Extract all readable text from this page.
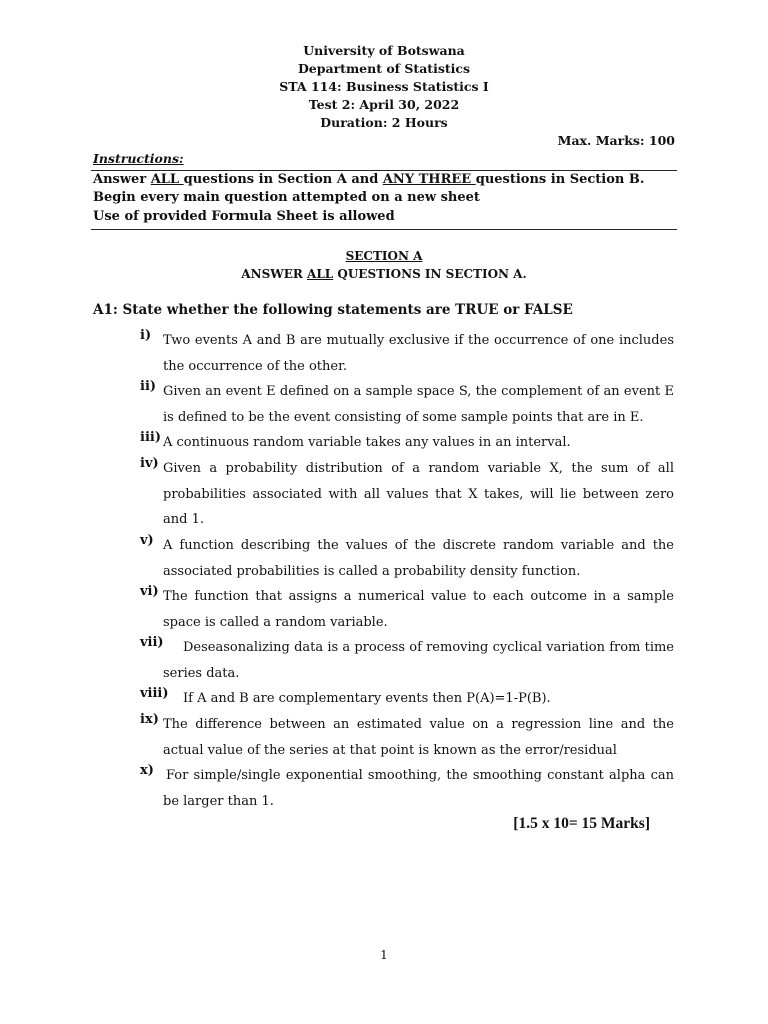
University of Botswana
Department of Statistics
STA 114: Business Statistics I
Test 2: April 30, 2022
Duration: 2 Hours
Max. Marks: 100
Instructions:
Answer ALL questions in Section A and ANY THREE questions in Section B.
Begin every main question attempted on a new sheet
Use of provided Formula Sheet is allowed
SECTION A
ANSWER ALL QUESTIONS IN SECTION A.
A1: State whether the following statements are TRUE or FALSE
i) Two events A and B are mutually exclusive if the occurrence of one includes the occurrence of the other.
ii) Given an event E defined on a sample space S, the complement of an event E is defined to be the event consisting of some sample points that are in E.
iii) A continuous random variable takes any values in an interval.
iv) Given a probability distribution of a random variable X, the sum of all probabilities associated with all values that X takes, will lie between zero and 1.
v) A function describing the values of the discrete random variable and the associated probabilities is called a probability density function.
vi) The function that assigns a numerical value to each outcome in a sample space is called a random variable.
vii)	Deseasonalizing data is a process of removing cyclical variation from time series data.
viii)	If A and B are complementary events then P(A)=1-P(B).
ix) The difference between an estimated value on a regression line and the actual value of the series at that point is known as the error/residual
x) For simple/single exponential smoothing, the smoothing constant alpha can be larger than 1.
[1.5 x 10= 15 Marks]
1
